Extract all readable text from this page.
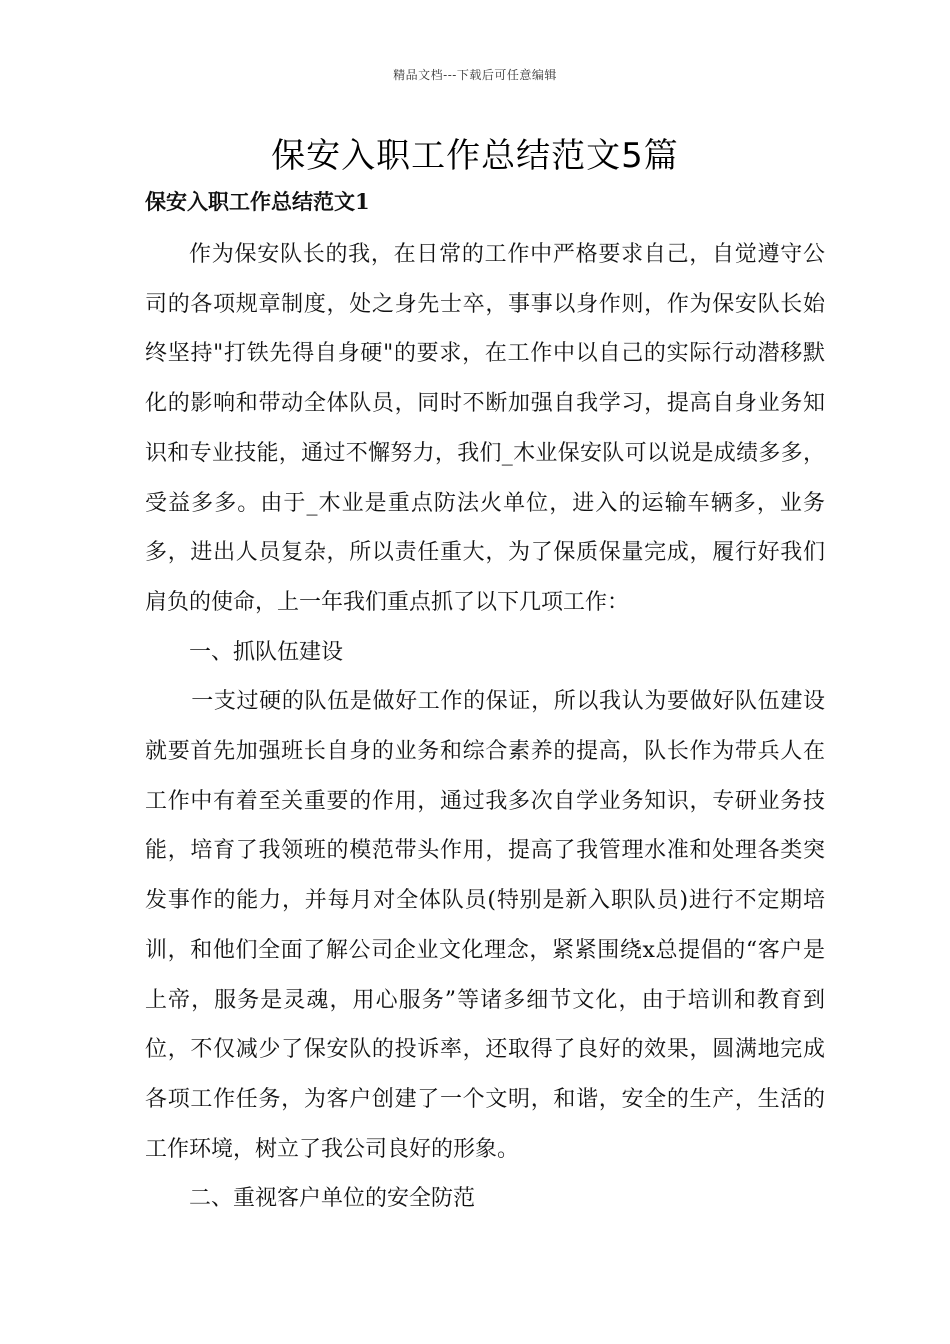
精品文档---下载后可任意编辑
保安入职工作总结范文5篇
保安入职工作总结范文1

作为保安队长的我，在日常的工作中严格要求自己，自觉遵守公司的各项规章制度，处之身先士卒，事事以身作则，作为保安队长始终坚持"打铁先得自身硬"的要求，在工作中以自己的实际行动潜移默化的影响和带动全体队员，同时不断加强自我学习，提高自身业务知识和专业技能，通过不懈努力，我们_木业保安队可以说是成绩多多，受益多多。由于_木业是重点防法火单位，进入的运输车辆多，业务多，进出人员复杂，所以责任重大，为了保质保量完成，履行好我们肩负的使命，上一年我们重点抓了以下几项工作：

一、抓队伍建设

一支过硬的队伍是做好工作的保证，所以我认为要做好队伍建设就要首先加强班长自身的业务和综合素养的提高，队长作为带兵人在工作中有着至关重要的作用，通过我多次自学业务知识，专研业务技能，培育了我领班的模范带头作用，提高了我管理水准和处理各类突发事作的能力，并每月对全体队员(特别是新入职队员)进行不定期培训，和他们全面了解公司企业文化理念，紧紧围绕x总提倡的“客户是上帝，服务是灵魂，用心服务”等诸多细节文化，由于培训和教育到位，不仅减少了保安队的投诉率，还取得了良好的效果，圆满地完成各项工作任务，为客户创建了一个文明，和谐，安全的生产，生活的工作环境，树立了我公司良好的形象。

二、重视客户单位的安全防范
